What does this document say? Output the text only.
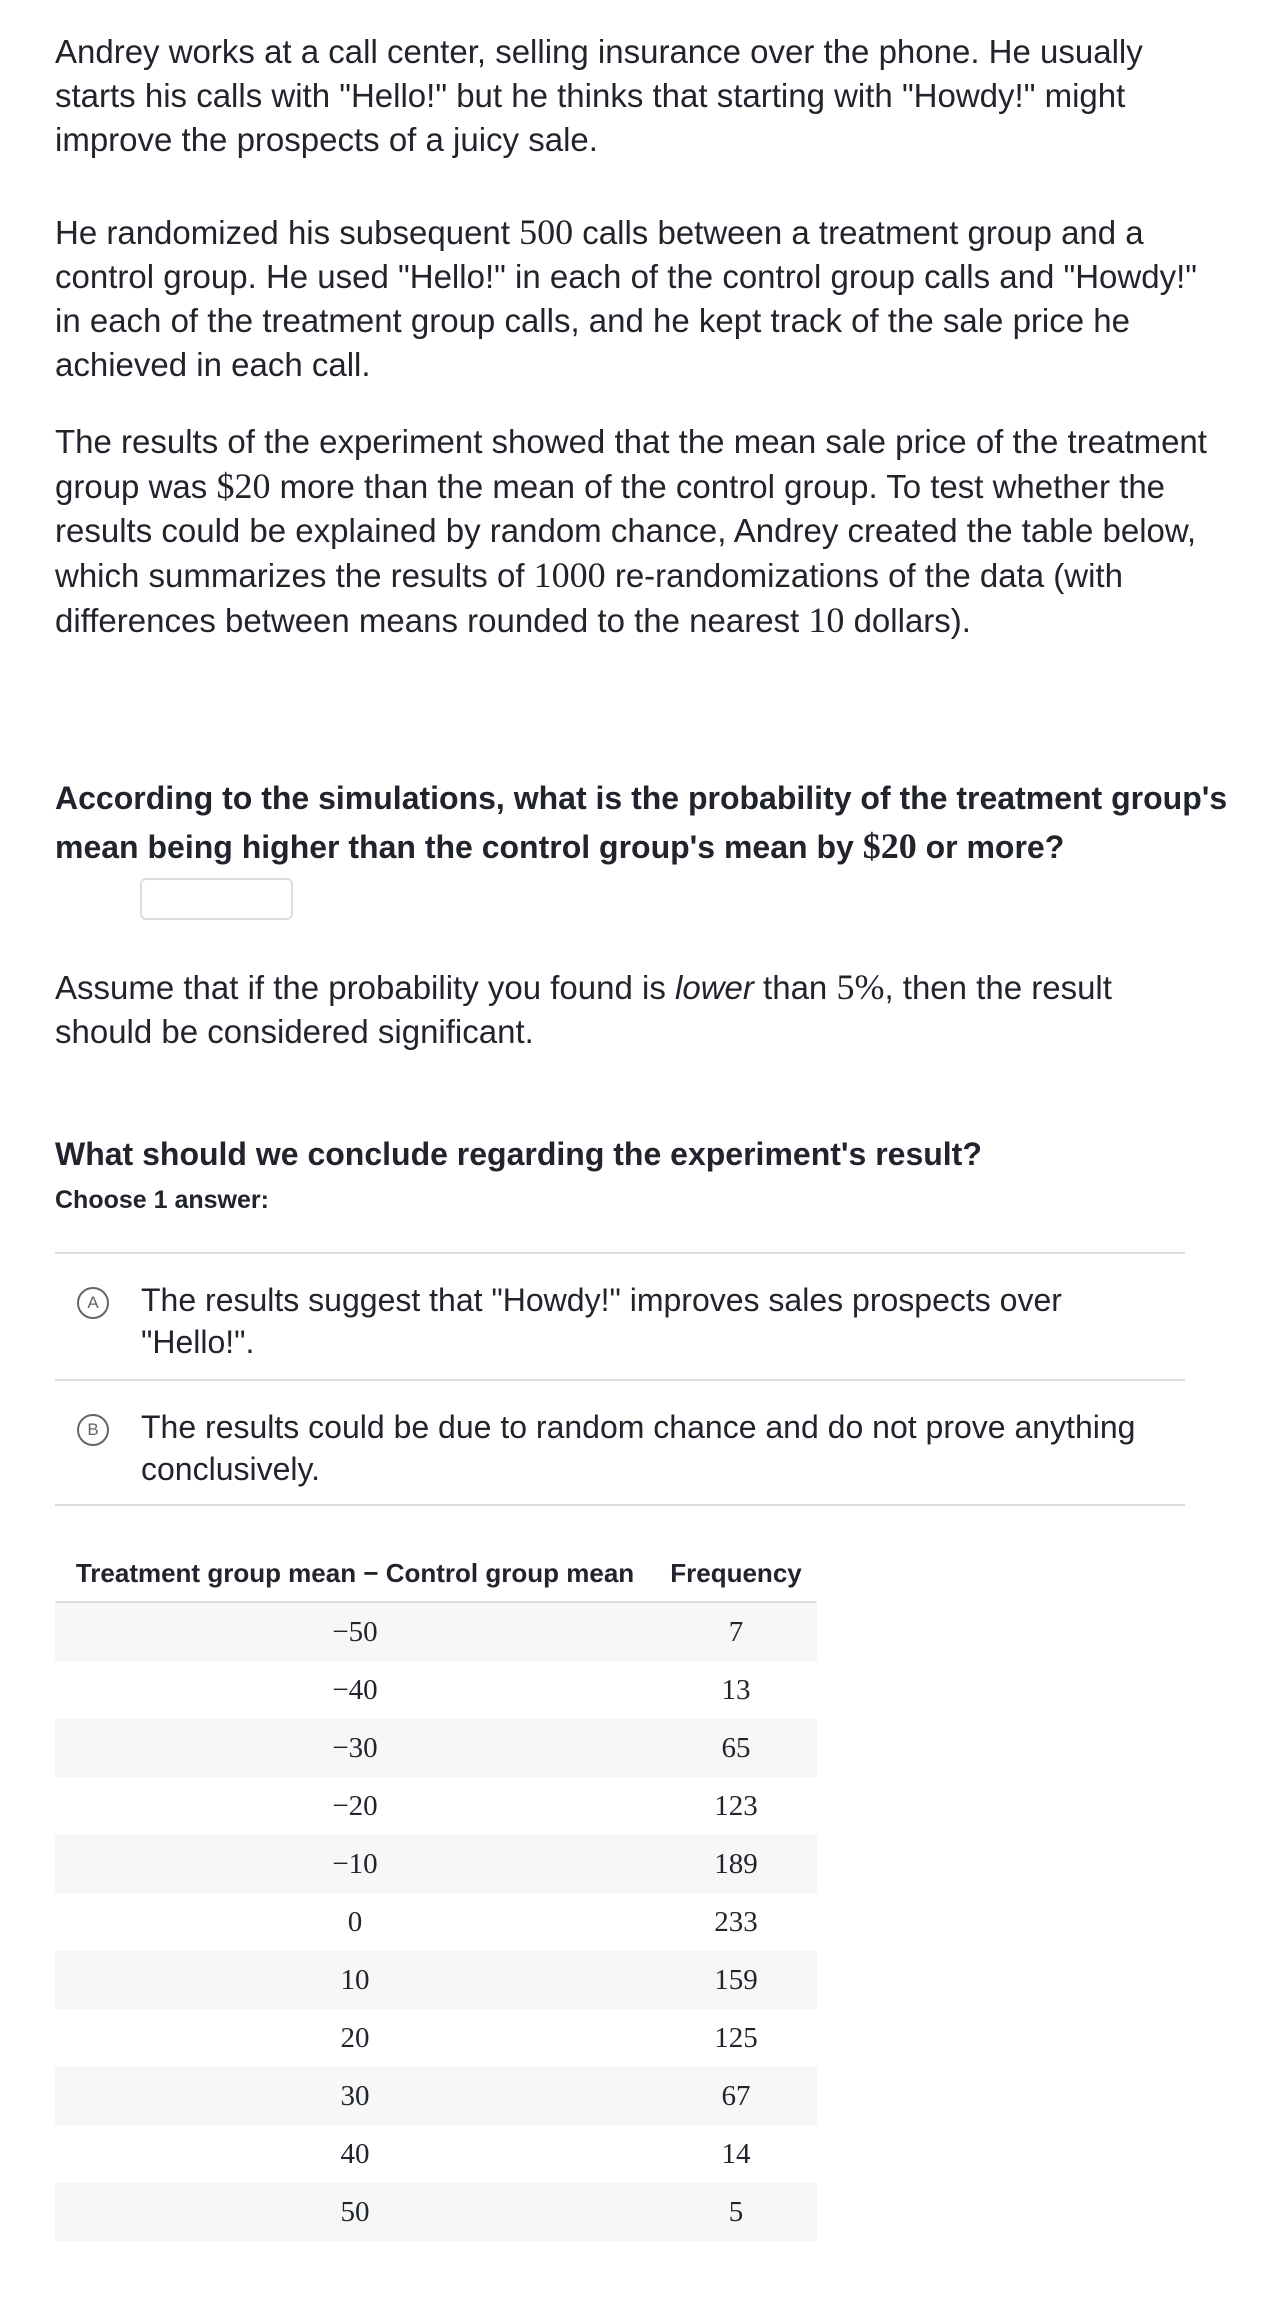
Andrey works at a call center, selling insurance over the phone. He usually starts his calls with "Hello!" but he thinks that starting with "Howdy!" might improve the prospects of a juicy sale.

He randomized his subsequent 500 calls between a treatment group and a control group. He used "Hello!" in each of the control group calls and "Howdy!" in each of the treatment group calls, and he kept track of the sale price he achieved in each call.

The results of the experiment showed that the mean sale price of the treatment group was $20 more than the mean of the control group. To test whether the results could be explained by random chance, Andrey created the table below, which summarizes the results of 1000 re-randomizations of the data (with differences between means rounded to the nearest 10 dollars).

According to the simulations, what is the probability of the treatment group's mean being higher than the control group's mean by $20 or more?

Assume that if the probability you found is lower than 5%, then the result should be considered significant.

What should we conclude regarding the experiment's result?

Choose 1 answer:
A	The results suggest that "Howdy!" improves sales prospects over "Hello!".
B	The results could be due to random chance and do not prove anything conclusively.
Treatment group mean − Control group mean	Frequency
−50	7
−40	13
−30	65
−20	123
−10	189
0	233
10	159
20	125
30	67
40	14
50	5
